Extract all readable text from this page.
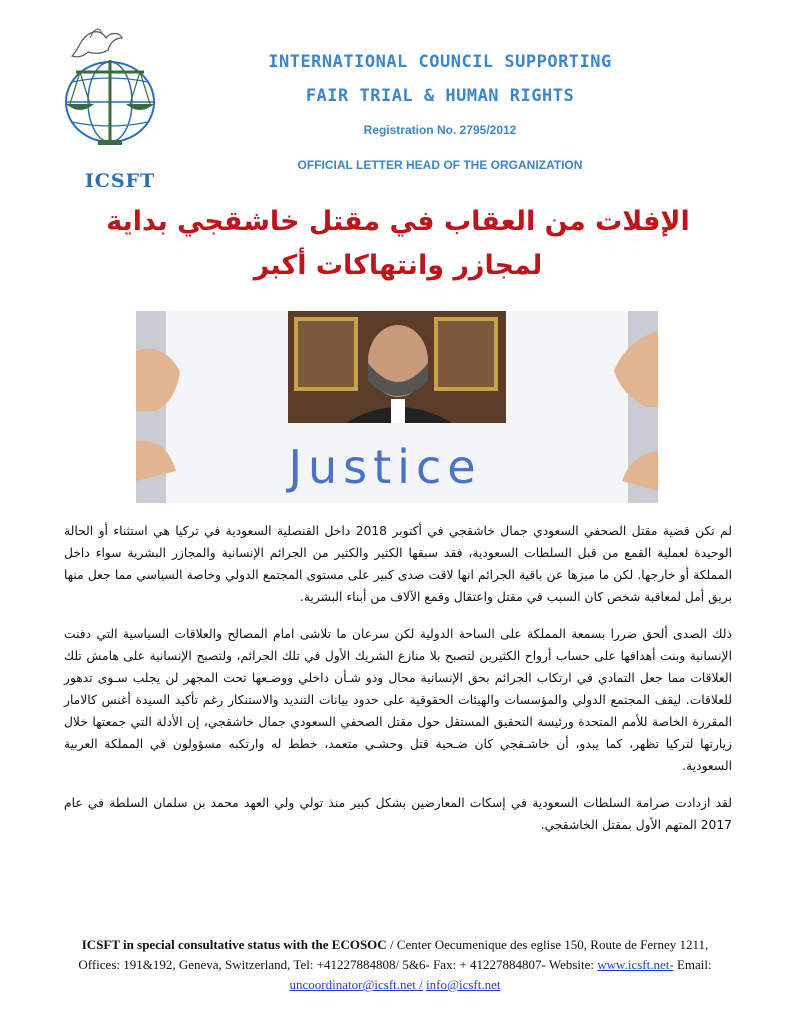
ICSFT
INTERNATIONAL COUNCIL SUPPORTING
FAIR TRIAL & HUMAN RIGHTS
Registration No. 2795/2012
OFFICIAL LETTER HEAD OF THE ORGANIZATION
الإفلات من العقاب في مقتل خاشقجي بداية لمجازر وانتهاكات أكبر
Justice

لم تكن قضية مقتل الصحفي السعودي جمال خاشقجي في أكتوبر 2018 داخل القنصلية السعودية في تركيا هي استثناء أو الحالة الوحيدة لعملية القمع من قبل السلطات السعودية، فقد سبقها الكثير والكثير من الجرائم الإنسانية والمجازر البشرية سواء داخل المملكة أو خارجها. لكن ما ميزها عن باقية الجرائم انها لاقت صدى كبير على مستوى المجتمع الدولي وخاصة السياسي مما جعل منها بريق أمل لمعاقبة شخص كان السبب في مقتل واعتقال وقمع الآلاف من أبناء البشرية.

ذلك الصدى ألحق ضررا بسمعة المملكة على الساحة الدولية لكن سرعان ما تلاشى امام المصالح والعلاقات السياسية التي دفنت الإنسانية وبنت أهدافها على حساب أرواح الكثيرين لتصبح بلا منازع الشريك الأول في تلك الجرائم، ولتصبح الإنسانية على هامش تلك العلاقات مما جعل التمادي في ارتكاب الجرائم بحق الإنسانية محال وذو شـأن داخلي ووضـعها تحت المجهر لن يجلب سـوى تدهور للعلاقات. ليقف المجتمع الدولي والمؤسسات والهيئات الحقوقية على حدود بيانات التنديد والاستنكار رغم تأكيد السيدة أغنس كالامار المقررة الخاصة للأمم المتحدة ورئيسة التحقيق المستقل حول مقتل الصحفي السعودي جمال خاشقجي، إن الأدلة التي جمعتها خلال زيارتها لتركيا تظهر، كما يبدو، أن خاشـقجي كان ضـحية قتل وحشـي متعمد، خطط له وارتكبه مسؤولون في المملكة العربية السعودية.

لقد ازدادت صرامة السلطات السعودية في إسكات المعارضين بشكل كبير منذ تولي ولي العهد محمد بن سلمان السلطة في عام 2017 المتهم الأول بمقتل الخاشقجي.

ICSFT in special consultative status with the ECOSOC / Center Oecumenique des eglise 150, Route de Ferney 1211, Offices: 191&192, Geneva, Switzerland, Tel: +41227884808/ 5&6- Fax: + 41227884807- Website: www.icsft.net- Email: uncoordinator@icsft.net / info@icsft.net
